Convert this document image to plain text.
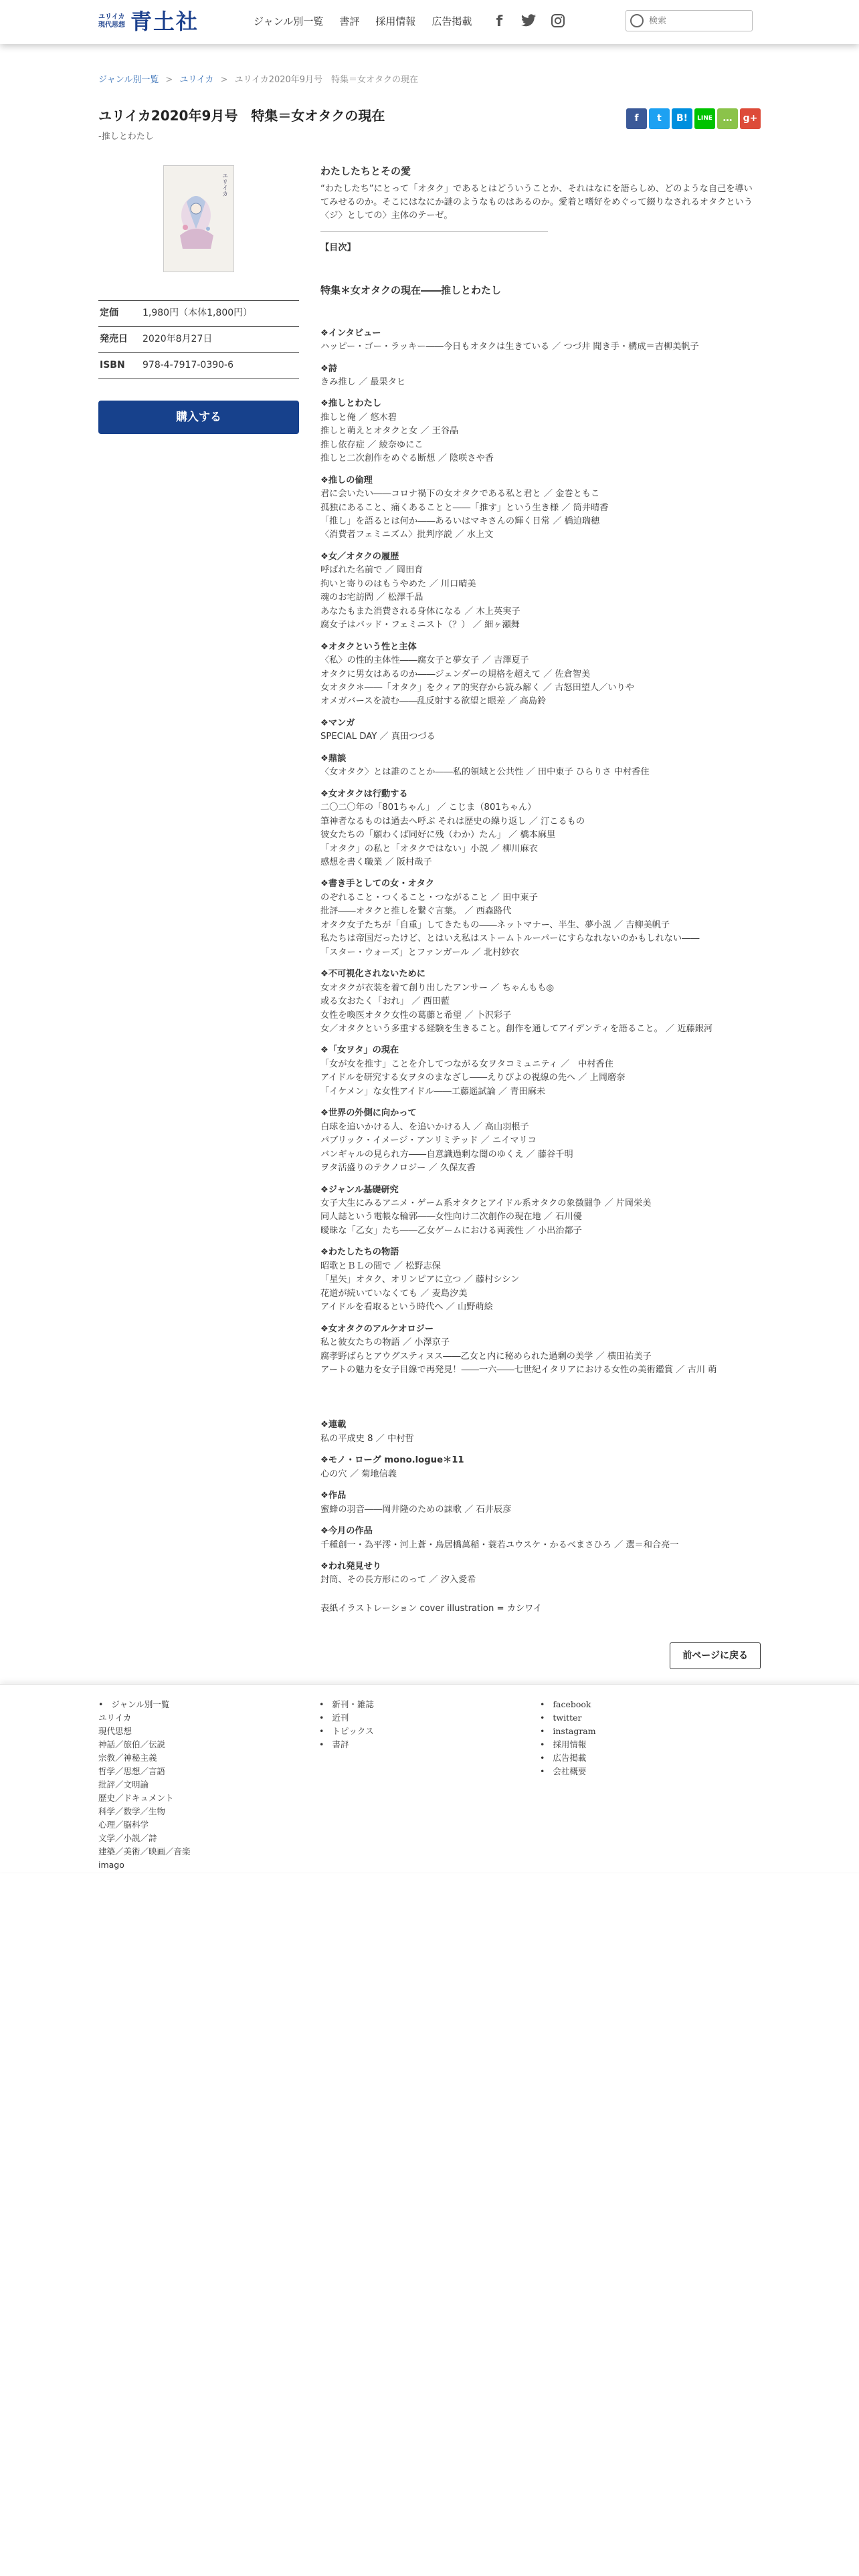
ユリイカ 現代思想 青土社	ジャンル別一覧 書評 採用情報 広告掲載	f
検索
ジャンル別一覧 > ユリイカ > ユリイカ2020年9月号　特集＝女オタクの現在
ユリイカ2020年9月号　特集＝女オタクの現在
-推しとわたし
f	t	B!	LINE	…	g+
ユリイカ
定価	1,980円（本体1,800円）
発売日	2020年8月27日
ISBN	978-4-7917-0390-6
購入する
わたしたちとその愛
“わたしたち”にとって「オタク」であるとはどういうことか、それはなにを語らしめ、どのような自己を導いてみせるのか。そこにはなにか謎のようなものはあるのか。愛着と嗜好をめぐって綴りなされるオタクという〈ジ〉としての〉主体のテーゼ。
【目次】
特集＊女オタクの現在――推しとわたし
❖インタビュー
ハッピー・ゴー・ラッキー――今日もオタクは生きている ／ つづ井 聞き手・構成＝吉柳美帆子
❖詩
きみ推し ／ 最果タヒ
❖推しとわたし
推しと俺 ／ 悠木碧
推しと萌えとオタクと女 ／ 王谷晶
推し依存症 ／ 綾奈ゆにこ
推しと二次創作をめぐる断想 ／ 陰咲さや香
❖推しの倫理
君に会いたい――コロナ禍下の女オタクである私と君と ／ 金巻ともこ
孤独にあること、痛くあることと――「推す」という生き様 ／ 筒井晴香
「推し」を語るとは何か――あるいはマキさんの輝く日常 ／ 橋迫瑞穂
〈消費者フェミニズム〉批判序説 ／ 水上文
❖女／オタクの履歴
呼ばれた名前で ／ 岡田育
拘いと寄りのはもうやめた ／ 川口晴美
魂のお宅訪問 ／ 松澤千晶
あなたもまた消費される身体になる ／ 木上英実子
腐女子はバッド・フェミニスト（？） ／ 細ヶ瀬舞
❖オタクという性と主体
〈私〉の性的主体性――腐女子と夢女子 ／ 吉澤夏子
オタクに男女はあるのか――ジェンダーの規格を超えて ／ 佐倉智美
女オタク＊――「オタク」をクィア的実存から読み解く ／ 古怒田望人／いりや
オメガバースを読む――乱反射する欲望と眼差 ／ 高島鈴
❖マンガ
SPECIAL DAY ／ 真田つづる
❖鼎談
〈女オタク〉とは誰のことか――私的領域と公共性 ／ 田中東子 ひらりさ 中村香住
❖女オタクは行動する
二〇二〇年の「801ちゃん」 ／ こじま（801ちゃん）
筆神者なるものは過去へ呼ぶ それは歴史の繰り返し ／ 汀こるもの
彼女たちの「願わくば同好に残（わか）たん」 ／ 橋本麻里
「オタク」の私と「オタクではない」小説 ／ 柳川麻衣
感想を書く職業 ／ 阪村哉子
❖書き手としての女・オタク
のぞれること・つくること・つながること ／ 田中東子
批評――オタクと推しを繋ぐ言葉。 ／ 西森路代
オタク女子たちが「自重」してきたもの――ネットマナー、半生、夢小説 ／ 吉柳美帆子
私たちは帝国だったけど、とはいえ私はストームトルーパーにすらなれないのかもしれない――
「スター・ウォーズ」とファンガール ／ 北村紗衣
❖不可視化されないために
女オタクが衣装を着て創り出したアンサー ／ ちゃんもも◎
或る女おたく「おれ」 ／ 西田藍
女性を喚医オタク女性の葛藤と希望 ／ 卜沢彩子
女／オタクという多重する経験を生きること。創作を通してアイデンティを語ること。 ／ 近藤銀河
❖「女ヲタ」の現在
「女が女を推す」ことを介してつながる女ヲタコミュニティ ／　中村香住
アイドルを研究する女ヲタのまなざし――えりぴよの視線の先へ ／ 上岡磨奈
「イケメン」な女性アイドル――工藤遥試論 ／ 青田麻未
❖世界の外側に向かって
白球を追いかける人、を追いかける人 ／ 高山羽根子
パブリック・イメージ・アンリミテッド ／ ニイマリコ
バンギャルの見られ方――自意識過剰な闇のゆくえ ／ 藤谷千明
ヲタ活盛りのテクノロジー ／ 久保友香
❖ジャンル基礎研究
女子大生にみるアニメ・ゲーム系オタクとアイドル系オタクの象徴闘争 ／ 片岡栄美
同人誌という電帳な輪郭――女性向け二次創作の現在地 ／ 石川優
曖昧な「乙女」たち――乙女ゲームにおける両義性 ／ 小出治都子
❖わたしたちの物語
昭歌とＢＬの間で ／ 松野志保
「星矢」オタク、オリンピアに立つ ／ 藤村シシン
花道が続いていなくても ／ 麦島汐美
アイドルを看取るという時代へ ／ 山野萌絵
❖女オタクのアルケオロジー
私と彼女たちの物語 ／ 小澤京子
腐孝野ばらとアウグスティヌス――乙女と内に秘められた過剰の美学 ／ 横田祐美子
アートの魅力を女子目線で再発見！――一六――七世紀イタリアにおける女性の美術鑑賞 ／ 古川 萌
❖連載
私の平成史 8 ／ 中村哲
❖モノ・ローグ mono.logue＊11
心の穴 ／ 菊地信義
❖作品
蜜蜂の羽音――岡井隆のための誄歌 ／ 石井辰彦
❖今月の作品
千種創一・為平澪・河上蒼・鳥居橋萬稲・蓑若ユウスケ・かるべまさひろ ／ 選＝和合亮一
❖われ発見せり
封筒、その長方形にのって ／ 汐入愛希
表紙イラストレーション cover illustration = カシワイ
前ページに戻る
• ジャンル別一覧
ユリイカ
現代思想
神話／旅伯／伝説
宗教／神秘主義
哲学／思想／言語
批評／文明論
歴史／ドキュメント
科学／数学／生物
心理／脳科学
文学／小説／詩
建築／美術／映画／音楽
imago
• 新刊・雑誌
• 近刊
• トピックス
• 書評
• facebook
• twitter
• instagram
• 採用情報
• 広告掲載
• 会社概要
